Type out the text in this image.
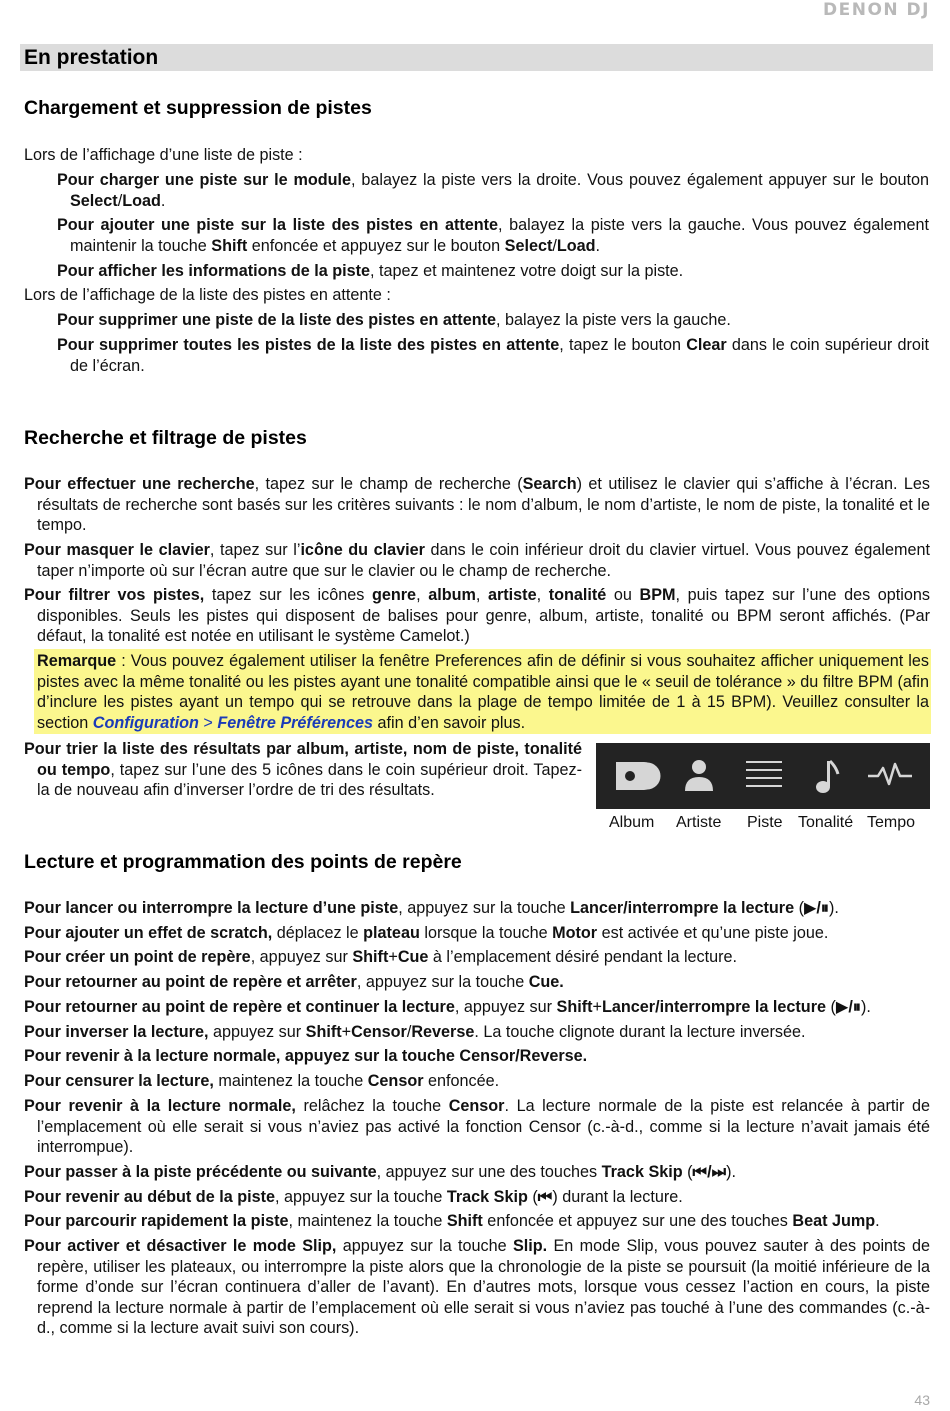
DENON DJ
En prestation
Chargement et suppression de pistes

Lors de l’affichage d’une liste de piste :

Pour charger une piste sur le module, balayez la piste vers la droite. Vous pouvez également appuyer sur le bouton Select/Load.

Pour ajouter une piste sur la liste des pistes en attente, balayez la piste vers la gauche. Vous pouvez également maintenir la touche Shift enfoncée et appuyez sur le bouton Select/Load.

Pour afficher les informations de la piste, tapez et maintenez votre doigt sur la piste.

Lors de l’affichage de la liste des pistes en attente :

Pour supprimer une piste de la liste des pistes en attente, balayez la piste vers la gauche.

Pour supprimer toutes les pistes de la liste des pistes en attente, tapez le bouton Clear dans le coin supérieur droit de l’écran.

Recherche et filtrage de pistes

Pour effectuer une recherche, tapez sur le champ de recherche (Search) et utilisez le clavier qui s’affiche à l’écran. Les résultats de recherche sont basés sur les critères suivants : le nom d’album, le nom d’artiste, le nom de piste, la tonalité et le tempo.

Pour masquer le clavier, tapez sur l’icône du clavier dans le coin inférieur droit du clavier virtuel. Vous pouvez également taper n’importe où sur l’écran autre que sur le clavier ou le champ de recherche.

Pour filtrer vos pistes, tapez sur les icônes genre, album, artiste, tonalité ou BPM, puis tapez sur l’une des options disponibles. Seuls les pistes qui disposent de balises pour genre, album, artiste, tonalité ou BPM seront affichés. (Par défaut, la tonalité est notée en utilisant le système Camelot.)

Remarque : Vous pouvez également utiliser la fenêtre Preferences afin de définir si vous souhaitez afficher uniquement les pistes avec la même tonalité ou les pistes ayant une tonalité compatible ainsi que le « seuil de tolérance » du filtre BPM (afin d’inclure les pistes ayant un tempo qui se retrouve dans la plage de tempo limitée de 1 à 15 BPM). Veuillez consulter la section Configuration > Fenêtre Préférences afin d’en savoir plus.

Pour trier la liste des résultats par album, artiste, nom de piste, tonalité ou tempo, tapez sur l’une des 5 icônes dans le coin supérieur droit. Tapez-la de nouveau afin d’inverser l’ordre de tri des résultats.

Album Artiste Piste Tonalité Tempo
Lecture et programmation des points de repère

Pour lancer ou interrompre la lecture d’une piste, appuyez sur la touche Lancer/interrompre la lecture (▶/⏸).

Pour ajouter un effet de scratch, déplacez le plateau lorsque la touche Motor est activée et qu’une piste joue.

Pour créer un point de repère, appuyez sur Shift+Cue à l’emplacement désiré pendant la lecture.

Pour retourner au point de repère et arrêter, appuyez sur la touche Cue.

Pour retourner au point de repère et continuer la lecture, appuyez sur Shift+Lancer/interrompre la lecture (▶/⏸).

Pour inverser la lecture, appuyez sur Shift+Censor/Reverse. La touche clignote durant la lecture inversée.

Pour revenir à la lecture normale, appuyez sur la touche Censor/Reverse.

Pour censurer la lecture, maintenez la touche Censor enfoncée.

Pour revenir à la lecture normale, relâchez la touche Censor. La lecture normale de la piste est relancée à partir de l’emplacement où elle serait si vous n’aviez pas activé la fonction Censor (c.-à-d., comme si la lecture n’avait jamais été interrompue).

Pour passer à la piste précédente ou suivante, appuyez sur une des touches Track Skip (⏮/⏭).

Pour revenir au début de la piste, appuyez sur la touche Track Skip (⏮) durant la lecture.

Pour parcourir rapidement la piste, maintenez la touche Shift enfoncée et appuyez sur une des touches Beat Jump.

Pour activer et désactiver le mode Slip, appuyez sur la touche Slip. En mode Slip, vous pouvez sauter à des points de repère, utiliser les plateaux, ou interrompre la piste alors que la chronologie de la piste se poursuit (la moitié inférieure de la forme d’onde sur l’écran continuera d’aller de l’avant). En d’autres mots, lorsque vous cessez l’action en cours, la piste reprend la lecture normale à partir de l’emplacement où elle serait si vous n’aviez pas touché à l’une des commandes (c.-à-d., comme si la lecture avait suivi son cours).

43
